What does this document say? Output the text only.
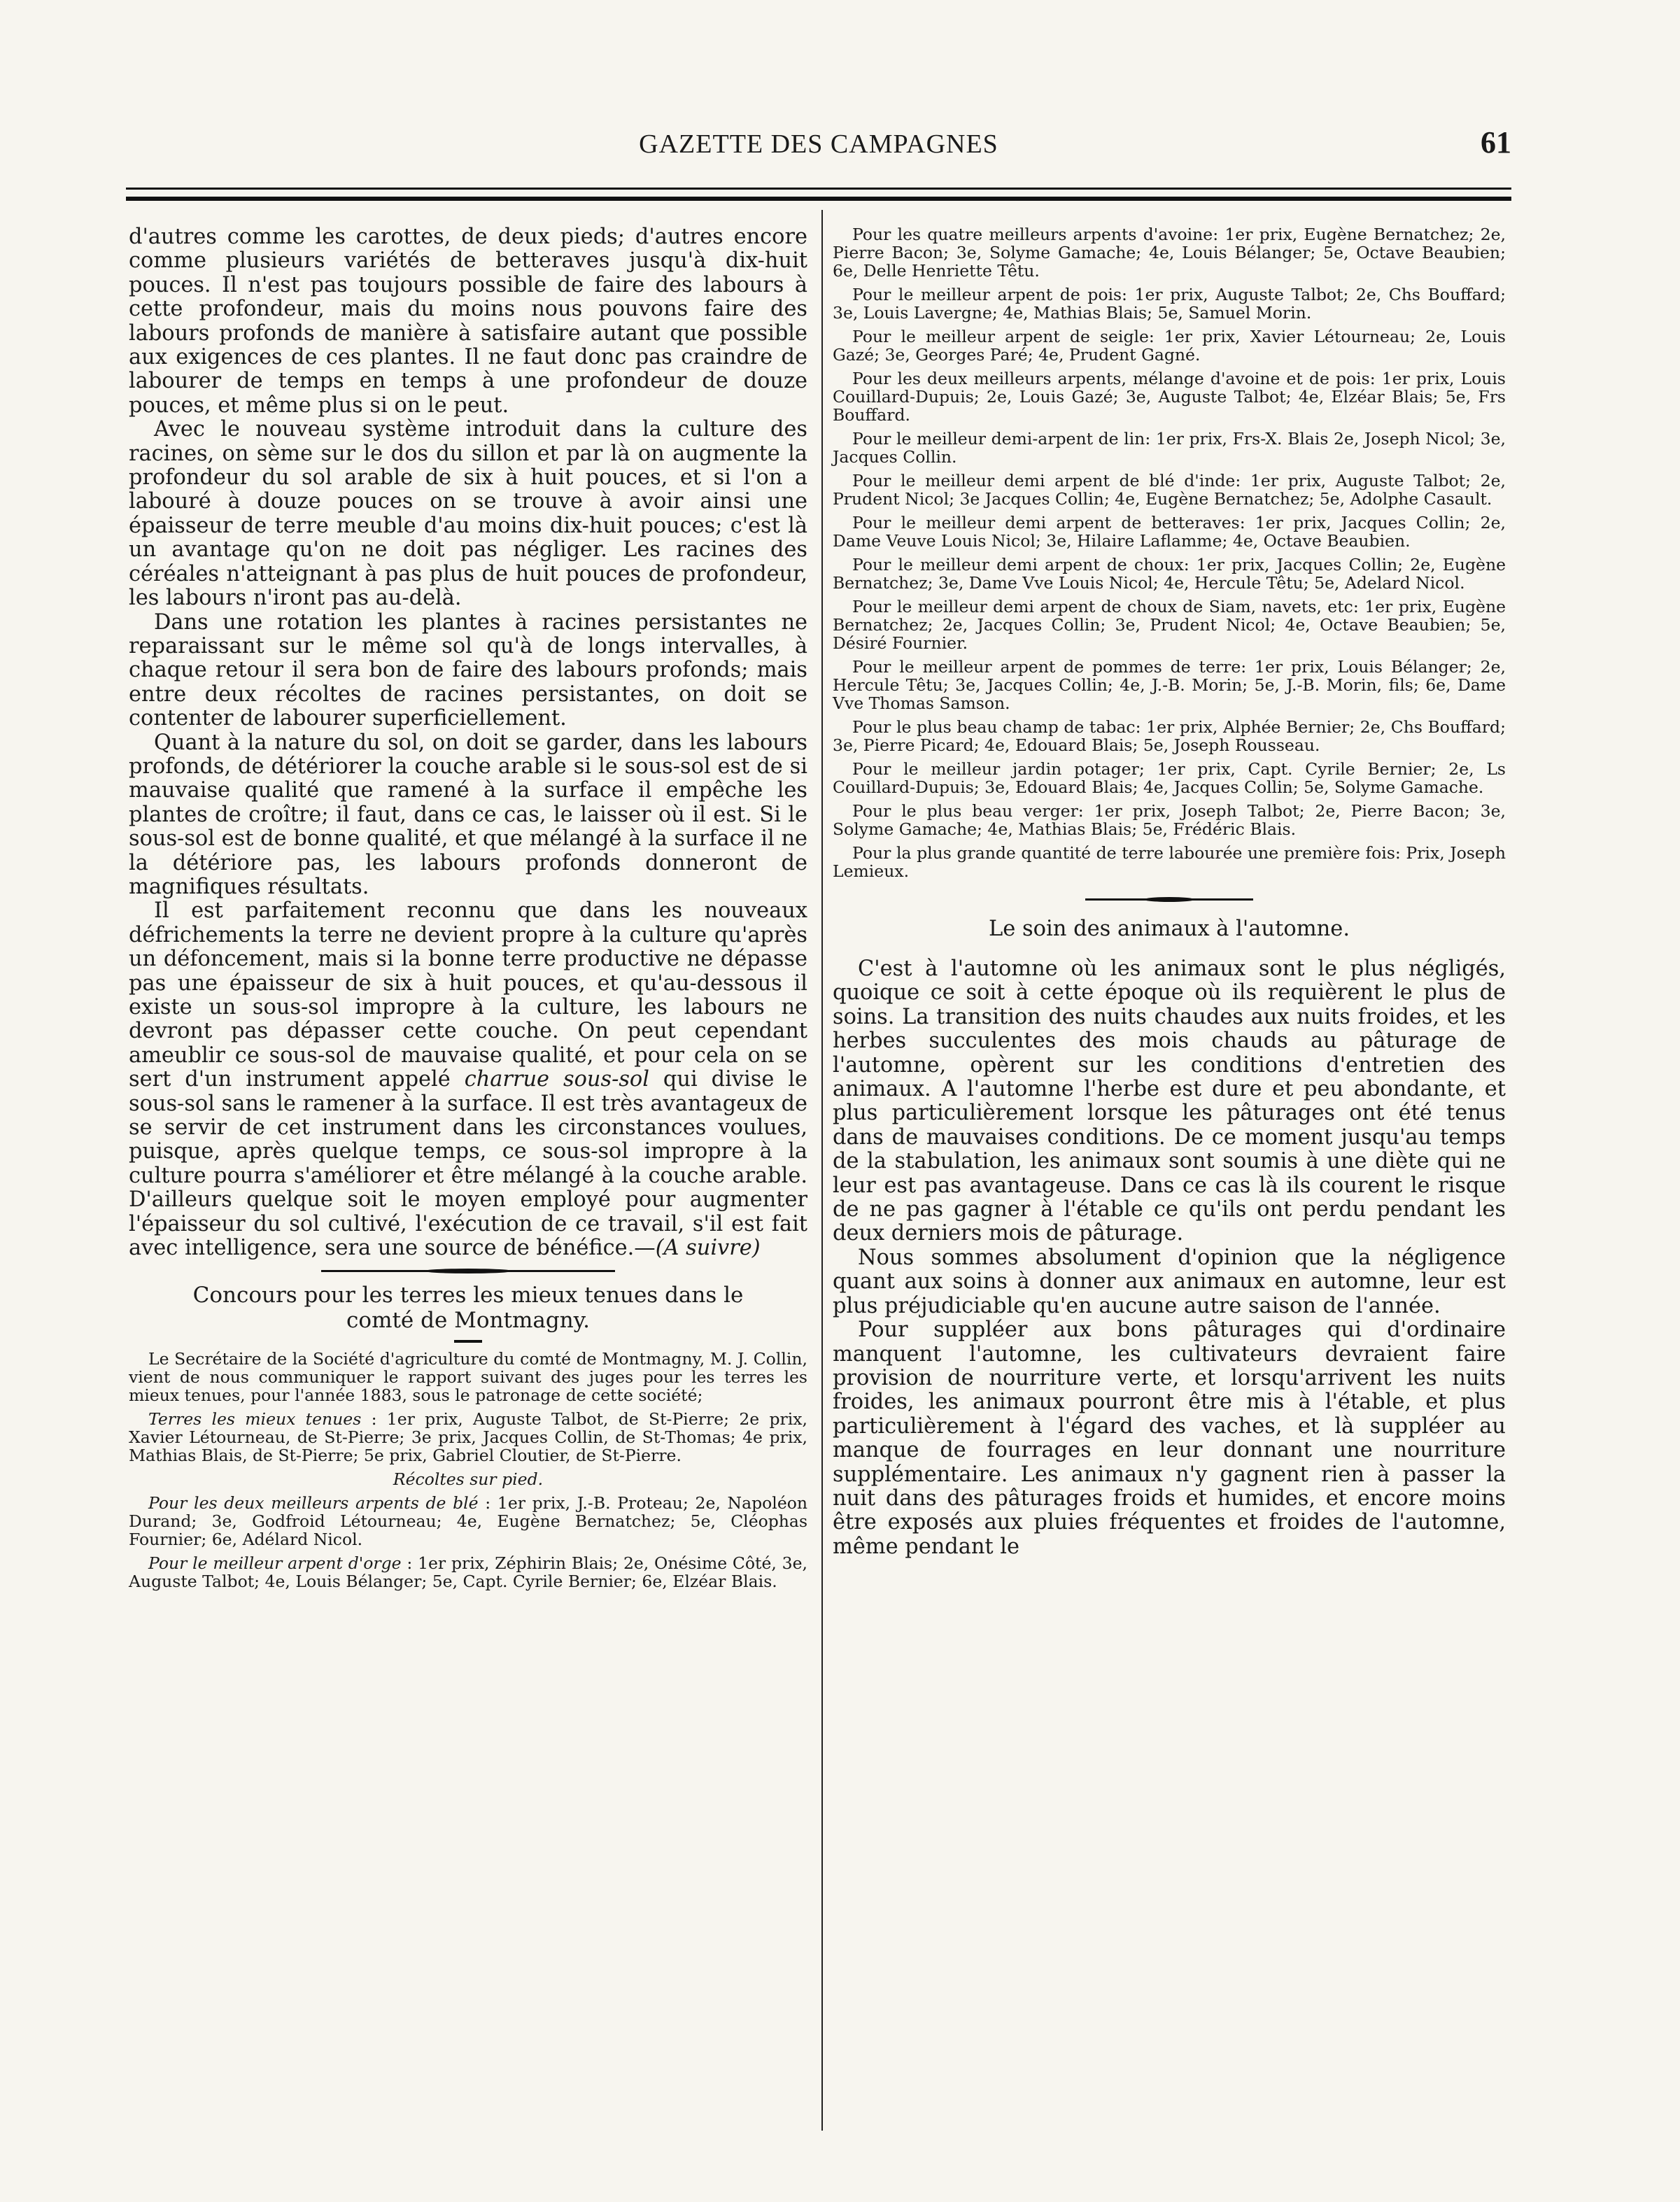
GAZETTE DES CAMPAGNES	61

d'autres comme les carottes, de deux pieds; d'autres encore comme plusieurs variétés de betteraves jusqu'à dix-huit pouces. Il n'est pas toujours possible de faire des labours à cette profondeur, mais du moins nous pouvons faire des labours profonds de manière à satisfaire autant que possible aux exigences de ces plantes. Il ne faut donc pas craindre de labourer de temps en temps à une profondeur de douze pouces, et même plus si on le peut.

Avec le nouveau système introduit dans la culture des racines, on sème sur le dos du sillon et par là on augmente la profondeur du sol arable de six à huit pouces, et si l'on a labouré à douze pouces on se trouve à avoir ainsi une épaisseur de terre meuble d'au moins dix-huit pouces; c'est là un avantage qu'on ne doit pas négliger. Les racines des céréales n'atteignant à pas plus de huit pouces de profondeur, les labours n'iront pas au-delà.

Dans une rotation les plantes à racines persistantes ne reparaissant sur le même sol qu'à de longs intervalles, à chaque retour il sera bon de faire des labours profonds; mais entre deux récoltes de racines persistantes, on doit se contenter de labourer superficiellement.

Quant à la nature du sol, on doit se garder, dans les labours profonds, de détériorer la couche arable si le sous-sol est de si mauvaise qualité que ramené à la surface il empêche les plantes de croître; il faut, dans ce cas, le laisser où il est. Si le sous-sol est de bonne qualité, et que mélangé à la surface il ne la détériore pas, les labours profonds donneront de magnifiques résultats.

Il est parfaitement reconnu que dans les nouveaux défrichements la terre ne devient propre à la culture qu'après un défoncement, mais si la bonne terre productive ne dépasse pas une épaisseur de six à huit pouces, et qu'au-dessous il existe un sous-sol impropre à la culture, les labours ne devront pas dépasser cette couche. On peut cependant ameublir ce sous-sol de mauvaise qualité, et pour cela on se sert d'un instrument appelé charrue sous-sol qui divise le sous-sol sans le ramener à la surface. Il est très avantageux de se servir de cet instrument dans les circonstances voulues, puisque, après quelque temps, ce sous-sol impropre à la culture pourra s'améliorer et être mélangé à la couche arable. D'ailleurs quelque soit le moyen employé pour augmenter l'épaisseur du sol cultivé, l'exécution de ce travail, s'il est fait avec intelligence, sera une source de bénéfice.—(A suivre)

Concours pour les terres les mieux tenues dans le
comté de Montmagny.

Le Secrétaire de la Société d'agriculture du comté de Montmagny, M. J. Collin, vient de nous communiquer le rapport suivant des juges pour les terres les mieux tenues, pour l'année 1883, sous le patronage de cette société;

Terres les mieux tenues : 1er prix, Auguste Talbot, de St-Pierre; 2e prix, Xavier Létourneau, de St-Pierre; 3e prix, Jacques Collin, de St-Thomas; 4e prix, Mathias Blais, de St-Pierre; 5e prix, Gabriel Cloutier, de St-Pierre.

Récoltes sur pied.

Pour les deux meilleurs arpents de blé : 1er prix, J.-B. Proteau; 2e, Napoléon Durand; 3e, Godfroid Létourneau; 4e, Eugène Bernatchez; 5e, Cléophas Fournier; 6e, Adélard Nicol.

Pour le meilleur arpent d'orge : 1er prix, Zéphirin Blais; 2e, Onésime Côté, 3e, Auguste Talbot; 4e, Louis Bélanger; 5e, Capt. Cyrile Bernier; 6e, Elzéar Blais.

Pour les quatre meilleurs arpents d'avoine: 1er prix, Eugène Bernatchez; 2e, Pierre Bacon; 3e, Solyme Gamache; 4e, Louis Bélanger; 5e, Octave Beaubien; 6e, Delle Henriette Têtu.

Pour le meilleur arpent de pois: 1er prix, Auguste Talbot; 2e, Chs Bouffard; 3e, Louis Lavergne; 4e, Mathias Blais; 5e, Samuel Morin.

Pour le meilleur arpent de seigle: 1er prix, Xavier Létourneau; 2e, Louis Gazé; 3e, Georges Paré; 4e, Prudent Gagné.

Pour les deux meilleurs arpents, mélange d'avoine et de pois: 1er prix, Louis Couillard-Dupuis; 2e, Louis Gazé; 3e, Auguste Talbot; 4e, Elzéar Blais; 5e, Frs Bouffard.

Pour le meilleur demi-arpent de lin: 1er prix, Frs-X. Blais 2e, Joseph Nicol; 3e, Jacques Collin.

Pour le meilleur demi arpent de blé d'inde: 1er prix, Auguste Talbot; 2e, Prudent Nicol; 3e Jacques Collin; 4e, Eugène Bernatchez; 5e, Adolphe Casault.

Pour le meilleur demi arpent de betteraves: 1er prix, Jacques Collin; 2e, Dame Veuve Louis Nicol; 3e, Hilaire Laflamme; 4e, Octave Beaubien.

Pour le meilleur demi arpent de choux: 1er prix, Jacques Collin; 2e, Eugène Bernatchez; 3e, Dame Vve Louis Nicol; 4e, Hercule Têtu; 5e, Adelard Nicol.

Pour le meilleur demi arpent de choux de Siam, navets, etc: 1er prix, Eugène Bernatchez; 2e, Jacques Collin; 3e, Prudent Nicol; 4e, Octave Beaubien; 5e, Désiré Fournier.

Pour le meilleur arpent de pommes de terre: 1er prix, Louis Bélanger; 2e, Hercule Têtu; 3e, Jacques Collin; 4e, J.-B. Morin; 5e, J.-B. Morin, fils; 6e, Dame Vve Thomas Samson.

Pour le plus beau champ de tabac: 1er prix, Alphée Bernier; 2e, Chs Bouffard; 3e, Pierre Picard; 4e, Edouard Blais; 5e, Joseph Rousseau.

Pour le meilleur jardin potager; 1er prix, Capt. Cyrile Bernier; 2e, Ls Couillard-Dupuis; 3e, Edouard Blais; 4e, Jacques Collin; 5e, Solyme Gamache.

Pour le plus beau verger: 1er prix, Joseph Talbot; 2e, Pierre Bacon; 3e, Solyme Gamache; 4e, Mathias Blais; 5e, Frédéric Blais.

Pour la plus grande quantité de terre labourée une première fois: Prix, Joseph Lemieux.

Le soin des animaux à l'automne.

C'est à l'automne où les animaux sont le plus négligés, quoique ce soit à cette époque où ils requièrent le plus de soins. La transition des nuits chaudes aux nuits froides, et les herbes succulentes des mois chauds au pâturage de l'automne, opèrent sur les conditions d'entretien des animaux. A l'automne l'herbe est dure et peu abondante, et plus particulièrement lorsque les pâturages ont été tenus dans de mauvaises conditions. De ce moment jusqu'au temps de la stabulation, les animaux sont soumis à une diète qui ne leur est pas avantageuse. Dans ce cas là ils courent le risque de ne pas gagner à l'étable ce qu'ils ont perdu pendant les deux derniers mois de pâturage.

Nous sommes absolument d'opinion que la négligence quant aux soins à donner aux animaux en automne, leur est plus préjudiciable qu'en aucune autre saison de l'année.

Pour suppléer aux bons pâturages qui d'ordinaire manquent l'automne, les cultivateurs devraient faire provision de nourriture verte, et lorsqu'arrivent les nuits froides, les animaux pourront être mis à l'étable, et plus particulièrement à l'égard des vaches, et là suppléer au manque de fourrages en leur donnant une nourriture supplémentaire. Les animaux n'y gagnent rien à passer la nuit dans des pâturages froids et humides, et encore moins être exposés aux pluies fréquentes et froides de l'automne, même pendant le
